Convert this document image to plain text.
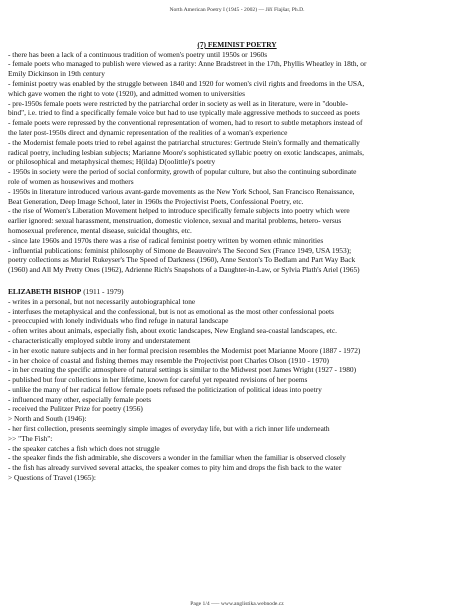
North American Poetry I (1945 - 2002) — Jiří Flajšar, Ph.D.
(7) FEMINIST POETRY

- there has been a lack of a continuous tradition of women's poetry until 1950s or 1960s

- female poets who managed to publish were viewed as a rarity: Anne Bradstreet in the 17th, Phyllis Wheatley in 18th, or

Emily Dickinson in 19th century

- feminist poetry was enabled by the struggle between 1840 and 1920 for women's civil rights and freedoms in the USA,

which gave women the right to vote (1920), and admitted women to universities

- pre-1950s female poets were restricted by the patriarchal order in society as well as in literature, were in "double-

bind", i.e. tried to find a specifically female voice but had to use typically male aggressive methods to succeed as poets

- female poets were repressed by the conventional representation of women, had to resort to subtle metaphors instead of

the later post-1950s direct and dynamic representation of the realities of a woman's experience

- the Modernist female poets tried to rebel against the patriarchal structures: Gertrude Stein's formally and thematically

radical poetry, including lesbian subjects; Marianne Moore's sophisticated syllabic poetry on exotic landscapes, animals,

or philosophical and metaphysical themes; H(ilda) D(oolittle)'s poetry

- 1950s in society were the period of social conformity, growth of popular culture, but also the continuing subordinate

role of women as housewives and mothers

- 1950s in literature introduced various avant-garde movements as the New York School, San Francisco Renaissance,

Beat Generation, Deep Image School, later in 1960s the Projectivist Poets, Confessional Poetry, etc.

- the rise of Women's Liberation Movement helped to introduce specifically female subjects into poetry which were

earlier ignored: sexual harassment, menstruation, domestic violence, sexual and marital problems, hetero- versus

homosexual preference, mental disease, suicidal thoughts, etc.

- since late 1960s and 1970s there was a rise of radical feminist poetry written by women ethnic minorities

- influential publications: feminist philosophy of Simone de Beauvoire's The Second Sex (France 1949, USA 1953);

poetry collections as Muriel Rukeyser's The Speed of Darkness (1960), Anne Sexton's To Bedlam and Part Way Back

(1960) and All My Pretty Ones (1962), Adrienne Rich's Snapshots of a Daughter-in-Law, or Sylvia Plath's Ariel (1965)

ELIZABETH BISHOP (1911 - 1979)

- writes in a personal, but not necessarily autobiographical tone

- interfuses the metaphysical and the confessional, but is not as emotional as the most other confessional poets

- preoccupied with lonely individuals who find refuge in natural landscape

- often writes about animals, especially fish, about exotic landscapes, New England sea-coastal landscapes, etc.

- characteristically employed subtle irony and understatement

- in her exotic nature subjects and in her formal precision resembles the Modernist poet Marianne Moore (1887 - 1972)

- in her choice of coastal and fishing themes may resemble the Projectivist poet Charles Olson (1910 - 1970)

- in her creating the specific atmosphere of natural settings is similar to the Midwest poet James Wright (1927 - 1980)

- published but four collections in her lifetime, known for careful yet repeated revisions of her poems

- unlike the many of her radical fellow female poets refused the politicization of political ideas into poetry

- influenced many other, especially female poets

- received the Pulitzer Prize for poetry (1956)

> North and South (1946):

- her first collection, presents seemingly simple images of everyday life, but with a rich inner life underneath

>> "The Fish":

- the speaker catches a fish which does not struggle

- the speaker finds the fish admirable, she discovers a wonder in the familiar when the familiar is observed closely

- the fish has already survived several attacks, the speaker comes to pity him and drops the fish back to the water

> Questions of Travel (1965):

Page 1/4 —– www.anglistika.webnode.cz
